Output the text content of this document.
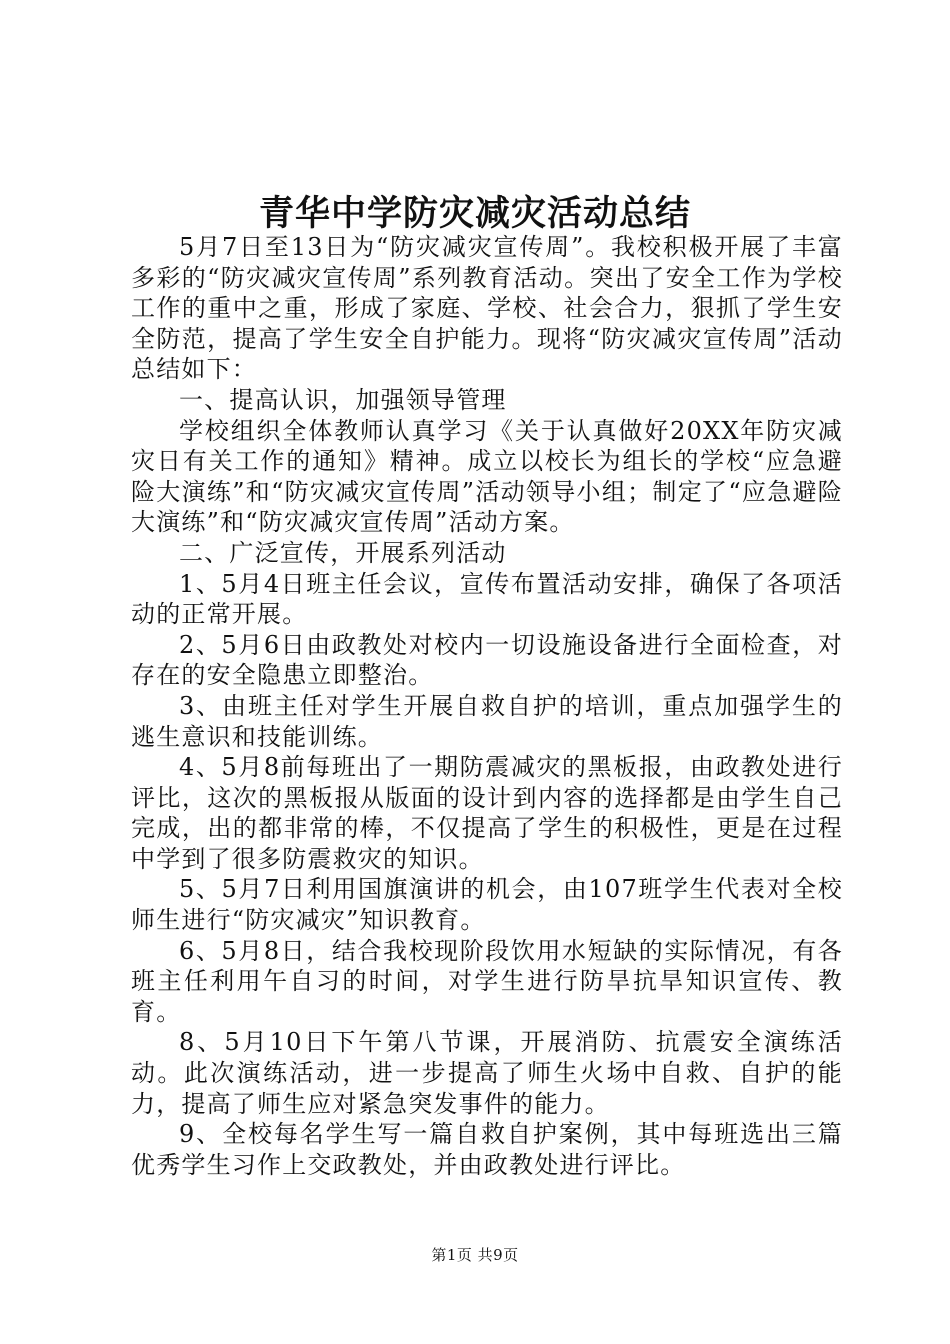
青华中学防灾减灾活动总结

5月7日至13日为“防灾减灾宣传周”。我校积极开展了丰富多彩的“防灾减灾宣传周”系列教育活动。突出了安全工作为学校工作的重中之重，形成了家庭、学校、社会合力，狠抓了学生安全防范，提高了学生安全自护能力。现将“防灾减灾宣传周”活动总结如下：

一、提高认识，加强领导管理

学校组织全体教师认真学习《关于认真做好20XX年防灾减灾日有关工作的通知》精神。成立以校长为组长的学校“应急避险大演练”和“防灾减灾宣传周”活动领导小组；制定了“应急避险大演练”和“防灾减灾宣传周”活动方案。

二、广泛宣传，开展系列活动

1、5月4日班主任会议，宣传布置活动安排，确保了各项活动的正常开展。

2、5月6日由政教处对校内一切设施设备进行全面检查，对存在的安全隐患立即整治。

3、由班主任对学生开展自救自护的培训，重点加强学生的逃生意识和技能训练。

4、5月8前每班出了一期防震减灾的黑板报，由政教处进行评比，这次的黑板报从版面的设计到内容的选择都是由学生自己完成，出的都非常的棒，不仅提高了学生的积极性，更是在过程中学到了很多防震救灾的知识。

5、5月7日利用国旗演讲的机会，由107班学生代表对全校师生进行“防灾减灾”知识教育。

6、5月8日，结合我校现阶段饮用水短缺的实际情况，有各班主任利用午自习的时间，对学生进行防旱抗旱知识宣传、教育。

8、5月10日下午第八节课，开展消防、抗震安全演练活动。此次演练活动，进一步提高了师生火场中自救、自护的能力，提高了师生应对紧急突发事件的能力。

9、全校每名学生写一篇自救自护案例，其中每班选出三篇优秀学生习作上交政教处，并由政教处进行评比。

第1页 共9页
